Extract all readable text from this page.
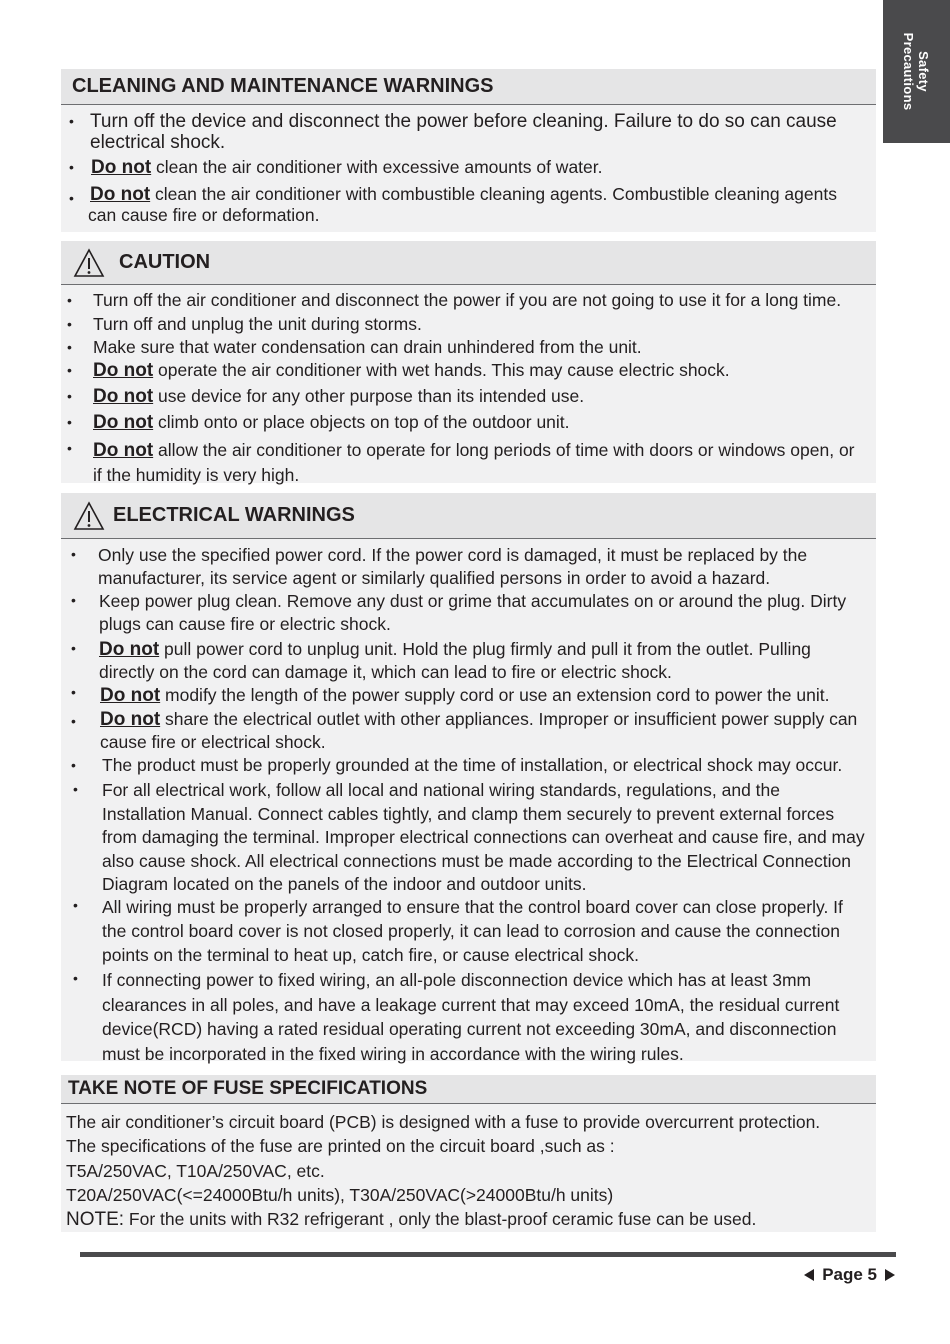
Safety
Precautions
CLEANING AND MAINTENANCE WARNINGS
• Turn off the device and disconnect the power before cleaning. Failure to do so can cause electrical shock.
• Do not clean the air conditioner with excessive amounts of water.
• Do not clean the air conditioner with combustible cleaning agents. Combustible cleaning agents can cause fire or deformation.
CAUTION
• Turn off the air conditioner and disconnect the power if you are not going to use it for a long time.
• Turn off and unplug the unit during storms.
• Make sure that water condensation can drain unhindered from the unit.
• Do not operate the air conditioner with wet hands. This may cause electric shock.
• Do not use device for any other purpose than its intended use.
• Do not climb onto or place objects on top of the outdoor unit.
• Do not allow the air conditioner to operate for long periods of time with doors or windows open, or if the humidity is very high.
ELECTRICAL WARNINGS
• Only use the specified power cord. If the power cord is damaged, it must be replaced by the manufacturer, its service agent or similarly qualified persons in order to avoid a hazard.
• Keep power plug clean. Remove any dust or grime that accumulates on or around the plug. Dirty plugs can cause fire or electric shock.
• Do not pull power cord to unplug unit. Hold the plug firmly and pull it from the outlet. Pulling directly on the cord can damage it, which can lead to fire or electric shock.
• Do not modify the length of the power supply cord or use an extension cord to power the unit.
• Do not share the electrical outlet with other appliances. Improper or insufficient power supply can cause fire or electrical shock.
• The product must be properly grounded at the time of installation, or electrical shock may occur.
• For all electrical work, follow all local and national wiring standards, regulations, and the Installation Manual. Connect cables tightly, and clamp them securely to prevent external forces from damaging the terminal. Improper electrical connections can overheat and cause fire, and may also cause shock. All electrical connections must be made according to the Electrical Connection Diagram located on the panels of the indoor and outdoor units.
• All wiring must be properly arranged to ensure that the control board cover can close properly. If the control board cover is not closed properly, it can lead to corrosion and cause the connection points on the terminal to heat up, catch fire, or cause electrical shock.
• If connecting power to fixed wiring, an all-pole disconnection device which has at least 3mm clearances in all poles, and have a leakage current that may exceed 10mA, the residual current device(RCD) having a rated residual operating current not exceeding 30mA, and disconnection must be incorporated in the fixed wiring in accordance with the wiring rules.
TAKE NOTE OF FUSE SPECIFICATIONS
The air conditioner’s circuit board (PCB) is designed with a fuse to provide overcurrent protection.
The specifications of the fuse are printed on the circuit board ,such as :
T5A/250VAC, T10A/250VAC, etc.
T20A/250VAC(<=24000Btu/h units), T30A/250VAC(>24000Btu/h units)
NOTE: For the units with R32 refrigerant , only the blast-proof ceramic fuse can be used.
Page 5
